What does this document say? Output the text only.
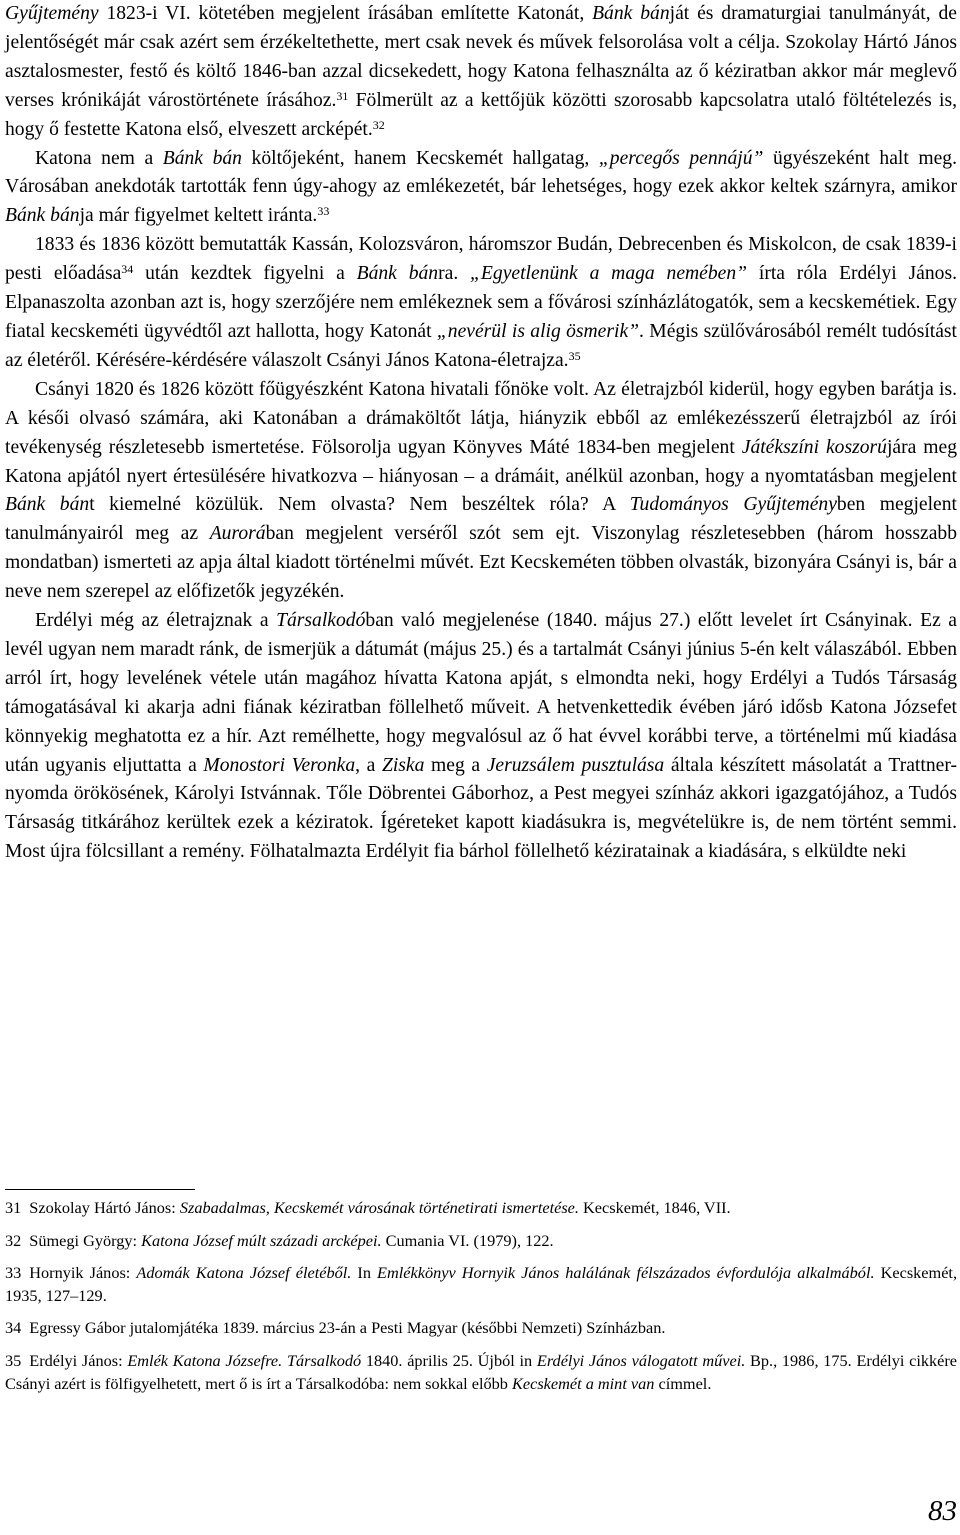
Gyűjtemény 1823-i VI. kötetében megjelent írásában említette Katonát, Bánk bánját és dramaturgiai tanulmányát, de jelentőségét már csak azért sem érzékeltethette, mert csak nevek és művek felsorolása volt a célja. Szokolay Hártó János asztalosmester, festő és költő 1846-ban azzal dicsekedett, hogy Katona felhasználta az ő kéziratban akkor már meglevő verses krónikáját várostörténete írásához.$^{31}$ Fölmerült az a kettőjük közötti szorosabb kapcsolatra utaló föltételezés is, hogy ő festette Katona első, elveszett arcképét.$^{32}$

Katona nem a Bánk bán költőjeként, hanem Kecskemét hallgatag, „percegős pennájú” ügyészeként halt meg. Városában anekdoták tartották fenn úgy-ahogy az emlékezetét, bár lehetséges, hogy ezek akkor keltek szárnyra, amikor Bánk bánja már figyelmet keltett iránta.$^{33}$

1833 és 1836 között bemutatták Kassán, Kolozsváron, háromszor Budán, Debrecenben és Miskolcon, de csak 1839-i pesti előadása$^{34}$ után kezdtek figyelni a Bánk bánra. „Egyetlenünk a maga nemében” írta róla Erdélyi János. Elpanaszolta azonban azt is, hogy szerzőjére nem emlékeznek sem a fővárosi színházlátogatók, sem a kecskemétiek. Egy fiatal kecskeméti ügyvédtől azt hallotta, hogy Katonát „nevérül is alig ösmerik”. Mégis szülővárosából remélt tudósítást az életéről. Kérésére-kérdésére válaszolt Csányi János Katona-életrajza.$^{35}$

Csányi 1820 és 1826 között főügyészként Katona hivatali főnöke volt. Az életrajzból kiderül, hogy egyben barátja is. A késői olvasó számára, aki Katonában a drámaköltőt látja, hiányzik ebből az emlékezésszerű életrajzból az írói tevékenység részletesebb ismertetése. Fölsorolja ugyan Könyves Máté 1834-ben megjelent Játékszíni koszorújára meg Katona apjától nyert értesülésére hivatkozva – hiányosan – a drámáit, anélkül azonban, hogy a nyomtatásban megjelent Bánk bánt kiemelné közülük. Nem olvasta? Nem beszéltek róla? A Tudományos Gyűjteményben megjelent tanulmányairól meg az Aurorában megjelent verséről szót sem ejt. Viszonylag részletesebben (három hosszabb mondatban) ismerteti az apja által kiadott történelmi művét. Ezt Kecskeméten többen olvasták, bizonyára Csányi is, bár a neve nem szerepel az előfizetők jegyzékén.

Erdélyi még az életrajznak a Társalkodóban való megjelenése (1840. május 27.) előtt levelet írt Csányinak. Ez a levél ugyan nem maradt ránk, de ismerjük a dátumát (május 25.) és a tartalmát Csányi június 5-én kelt válaszából. Ebben arról írt, hogy levelének vétele után magához hívatta Katona apját, s elmondta neki, hogy Erdélyi a Tudós Társaság támogatásával ki akarja adni fiának kéziratban föllelhető műveit. A hetvenkettedik évében járó idősb Katona Józsefet könnyekig meghatotta ez a hír. Azt remélhette, hogy megvalósul az ő hat évvel korábbi terve, a történelmi mű kiadása után ugyanis eljuttatta a Monostori Veronka, a Ziska meg a Jeruzsálem pusztulása általa készített másolatát a Trattner-nyomda örökösének, Károlyi Istvánnak. Tőle Döbrentei Gáborhoz, a Pest megyei színház akkori igazgatójához, a Tudós Társaság titkárához kerültek ezek a kéziratok. Ígéreteket kapott kiadásukra is, megvételükre is, de nem történt semmi. Most újra fölcsillant a remény. Fölhatalmazta Erdélyit fia bárhol föllelhető kéziratainak a kiadására, s elküldte neki

31 Szokolay Hártó János: Szabadalmas, Kecskemét városának történetirati ismertetése. Kecskemét, 1846, VII.
32 Sümegi György: Katona József múlt századi arcképei. Cumania VI. (1979), 122.
33 Hornyik János: Adomák Katona József életéből. In Emlékkönyv Hornyik János halálának félszázados évfordulója alkalmából. Kecskemét, 1935, 127–129.
34 Egressy Gábor jutalomjátéka 1839. március 23-án a Pesti Magyar (későbbi Nemzeti) Színházban.
35 Erdélyi János: Emlék Katona Józsefre. Társalkodó 1840. április 25. Újból in Erdélyi János válogatott művei. Bp., 1986, 175. Erdélyi cikkére Csányi azért is fölfigyelhetett, mert ő is írt a Társalkodóba: nem sokkal előbb Kecskemét a mint van címmel.
83
